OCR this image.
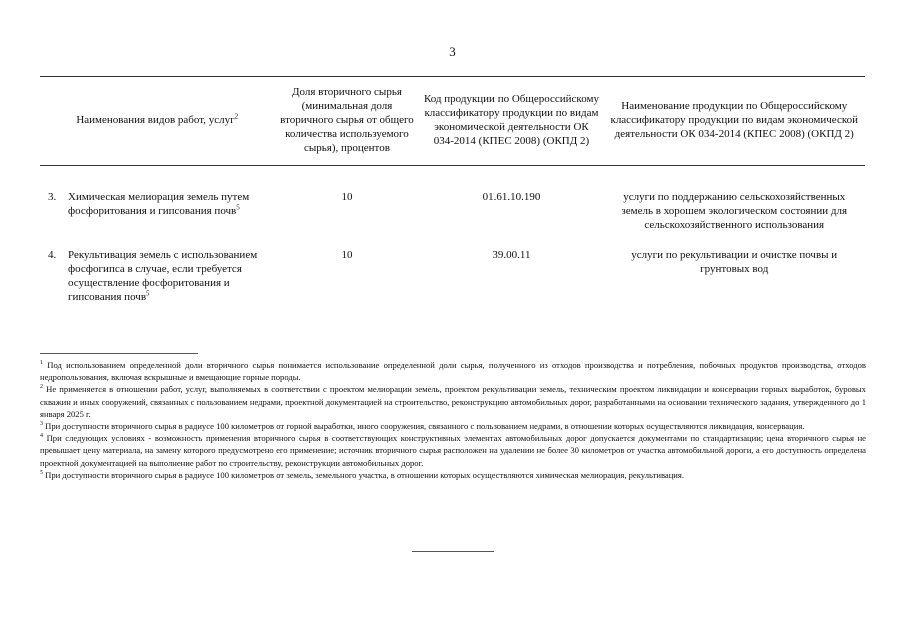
3
Наименования видов работ, услуг$^2$	Доля вторичного сырья (минимальная доля вторичного сырья от общего количества используемого сырья), процентов	Код продукции по Общероссийскому классификатору продукции по видам экономической деятельности ОК 034-2014 (КПЕС 2008) (ОКПД 2)	Наименование продукции по Общероссийскому классификатору продукции по видам экономической деятельности ОК 034-2014 (КПЕС 2008) (ОКПД 2)

3. Химическая мелиорация земель путем фосфоритования и гипсования почв$^5$	10	01.61.10.190	услуги по поддержанию сельскохозяйственных земель в хорошем экологическом состоянии для сельскохозяйственного использования

4. Рекультивация земель с использованием фосфогипса в случае, если требуется осуществление фосфоритования и гипсования почв$^5$	10	39.00.11	услуги по рекультивации и очистке почвы и грунтовых вод

$^1$ Под использованием определенной доли вторичного сырья понимается использование определенной доли сырья, полученного из отходов производства и потребления, побочных продуктов производства, отходов недропользования, включая вскрышные и вмещающие горные породы.

$^2$ Не применяется в отношении работ, услуг, выполняемых в соответствии с проектом мелиорации земель, проектом рекультивации земель, техническим проектом ликвидации и консервации горных выработок, буровых скважин и иных сооружений, связанных с пользованием недрами, проектной документацией на строительство, реконструкцию автомобильных дорог, разработанными на основании технического задания, утвержденного до 1 января 2025 г.

$^3$ При доступности вторичного сырья в радиусе 100 километров от горной выработки, иного сооружения, связанного с пользованием недрами, в отношении которых осуществляются ликвидация, консервация.

$^4$ При следующих условиях - возможность применения вторичного сырья в соответствующих конструктивных элементах автомобильных дорог допускается документами по стандартизации; цена вторичного сырья не превышает цену материала, на замену которого предусмотрено его применение; источник вторичного сырья расположен на удалении не более 30 километров от участка автомобильной дороги, а его доступность определена проектной документацией на выполнение работ по строительству, реконструкции автомобильных дорог.

$^5$ При доступности вторичного сырья в радиусе 100 километров от земель, земельного участка, в отношении которых осуществляются химическая мелиорация, рекультивация.
